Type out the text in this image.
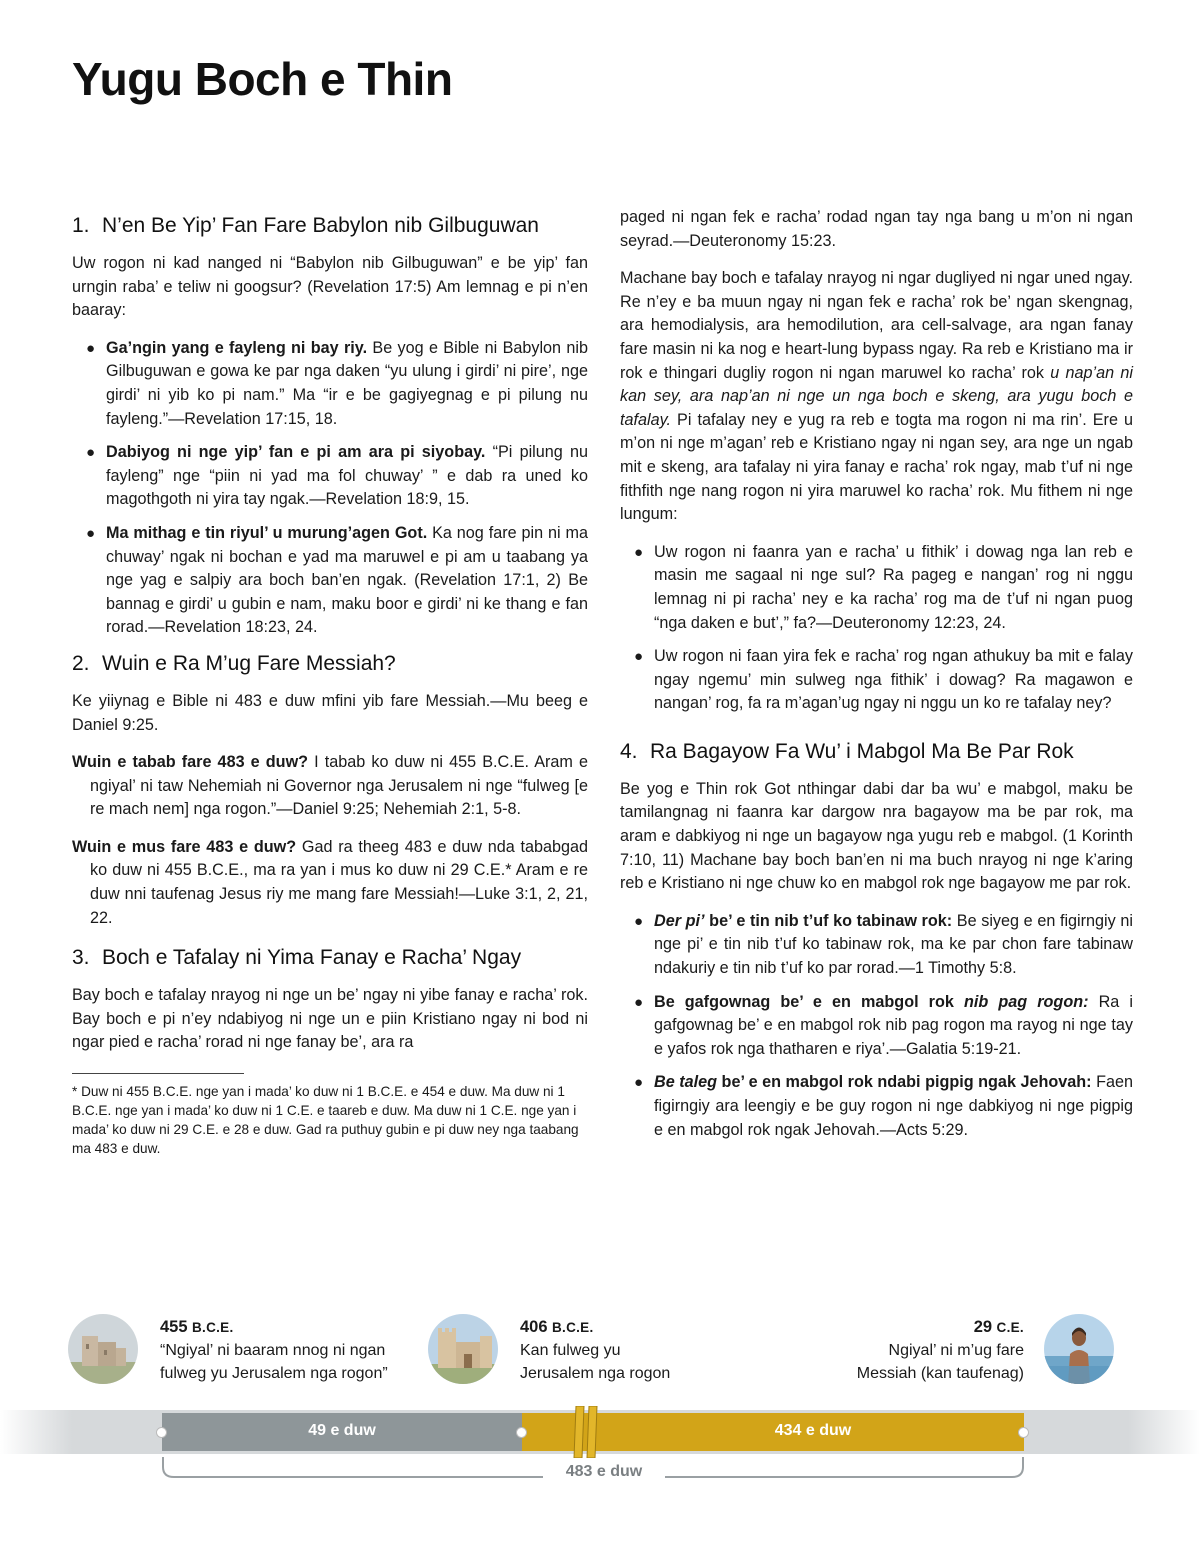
Yugu Boch e Thin
1. N’en Be Yip’ Fan Fare Babylon nib Gilbuguwan

Uw rogon ni kad nanged ni “Babylon nib Gilbuguwan” e be yip’ fan urngin raba’ e teliw ni googsur? (Revelation 17:5) Am lemnag e pi n’en baaray:

● Ga’ngin yang e fayleng ni bay riy. Be yog e Bible ni Babylon nib Gilbuguwan e gowa ke par nga daken “yu ulung i girdi’ ni pire’, nge girdi’ ni yib ko pi nam.” Ma “ir e be gagiyegnag e pi pilung nu fayleng.”—Revelation 17:15, 18.
● Dabiyog ni nge yip’ fan e pi am ara pi siyobay. “Pi pilung nu fayleng” nge “piin ni yad ma fol chuway’ ” e dab ra uned ko magothgoth ni yira tay ngak.—Revelation 18:9, 15.
● Ma mithag e tin riyul’ u murung’agen Got. Ka nog fare pin ni ma chuway’ ngak ni bochan e yad ma maruwel e pi am u taabang ya nge yag e salpiy ara boch ban’en ngak. (Revelation 17:1, 2) Be bannag e girdi’ u gubin e nam, maku boor e girdi’ ni ke thang e fan rorad.—Revelation 18:23, 24.
2. Wuin e Ra M’ug Fare Messiah?

Ke yiiynag e Bible ni 483 e duw mfini yib fare Messiah.—Mu beeg e Daniel 9:25.

Wuin e tabab fare 483 e duw? I tabab ko duw ni 455 B.C.E. Aram e ngiyal’ ni taw Nehemiah ni Governor nga Jerusalem ni nge “fulweg [e re mach nem] nga rogon.”—Daniel 9:25; Nehemiah 2:1, 5-8.

Wuin e mus fare 483 e duw? Gad ra theeg 483 e duw nda tababgad ko duw ni 455 B.C.E., ma ra yan i mus ko duw ni 29 C.E.* Aram e re duw nni taufenag Jesus riy me mang fare Messiah!—Luke 3:1, 2, 21, 22.

3. Boch e Tafalay ni Yima Fanay e Racha’ Ngay

Bay boch e tafalay nrayog ni nge un be’ ngay ni yibe fanay e racha’ rok. Bay boch e pi n’ey ndabiyog ni nge un e piin Kristiano ngay ni bod ni ngar pied e racha’ rorad ni nge fanay be’, ara ra

* Duw ni 455 B.C.E. nge yan i mada’ ko duw ni 1 B.C.E. e 454 e duw. Ma duw ni 1 B.C.E. nge yan i mada’ ko duw ni 1 C.E. e taareb e duw. Ma duw ni 1 C.E. nge yan i mada’ ko duw ni 29 C.E. e 28 e duw. Gad ra puthuy gubin e pi duw ney nga taabang ma 483 e duw.

paged ni ngan fek e racha’ rodad ngan tay nga bang u m’on ni ngan seyrad.—Deuteronomy 15:23.

Machane bay boch e tafalay nrayog ni ngar dugliyed ni ngar uned ngay. Re n’ey e ba muun ngay ni ngan fek e racha’ rok be’ ngan skengnag, ara hemodialysis, ara hemodilution, ara cell-salvage, ara ngan fanay fare masin ni ka nog e heart-lung bypass ngay. Ra reb e Kristiano ma ir rok e thingari dugliy rogon ni ngan maruwel ko racha’ rok u nap’an ni kan sey, ara nap’an ni nge un nga boch e skeng, ara yugu boch e tafalay. Pi tafalay ney e yug ra reb e togta ma rogon ni ma rin’. Ere u m’on ni nge m’agan’ reb e Kristiano ngay ni ngan sey, ara nge un ngab mit e skeng, ara tafalay ni yira fanay e racha’ rok ngay, mab t’uf ni nge fithfith nge nang rogon ni yira maruwel ko racha’ rok. Mu fithem ni nge lungum:

● Uw rogon ni faanra yan e racha’ u fithik’ i dowag nga lan reb e masin me sagaal ni nge sul? Ra pageg e nangan’ rog ni nggu lemnag ni pi racha’ ney e ka racha’ rog ma de t’uf ni ngan puog “nga daken e but’,” fa?—Deuteronomy 12:23, 24.
● Uw rogon ni faan yira fek e racha’ rog ngan athukuy ba mit e falay ngay ngemu’ min sulweg nga fithik’ i dowag? Ra magawon e nangan’ rog, fa ra m’agan’ug ngay ni nggu un ko re tafalay ney?
4. Ra Bagayow Fa Wu’ i Mabgol Ma Be Par Rok

Be yog e Thin rok Got nthingar dabi dar ba wu’ e mabgol, maku be tamilangnag ni faanra kar dargow nra bagayow ma be par rok, ma aram e dabkiyog ni nge un bagayow nga yugu reb e mabgol. (1 Korinth 7:10, 11) Machane bay boch ban’en ni ma buch nrayog ni nge k’aring reb e Kristiano ni nge chuw ko en mabgol rok nge bagayow me par rok.

● Der pi’ be’ e tin nib t’uf ko tabinaw rok: Be siyeg e en figirngiy ni nge pi’ e tin nib t’uf ko tabinaw rok, ma ke par chon fare tabinaw ndakuriy e tin nib t’uf ko par rorad.—1 Timothy 5:8.
● Be gafgownag be’ e en mabgol rok nib pag rogon: Ra i gafgownag be’ e en mabgol rok nib pag rogon ma rayog ni nge tay e yafos rok nga thatharen e riya’.—Galatia 5:19-21.
● Be taleg be’ e en mabgol rok ndabi pigpig ngak Jehovah: Faen figirngiy ara leengiy e be guy rogon ni nge dabkiyog ni nge pigpig e en mabgol rok ngak Jehovah.—Acts 5:29.
455 B.C.E.
“Ngiyal’ ni baaram nnog ni ngan
fulweg yu Jerusalem nga rogon”
406 B.C.E.
Kan fulweg yu
Jerusalem nga rogon
29 C.E.
Ngiyal’ ni m’ug fare
Messiah (kan taufenag)
49 e duw	434 e duw
483 e duw
